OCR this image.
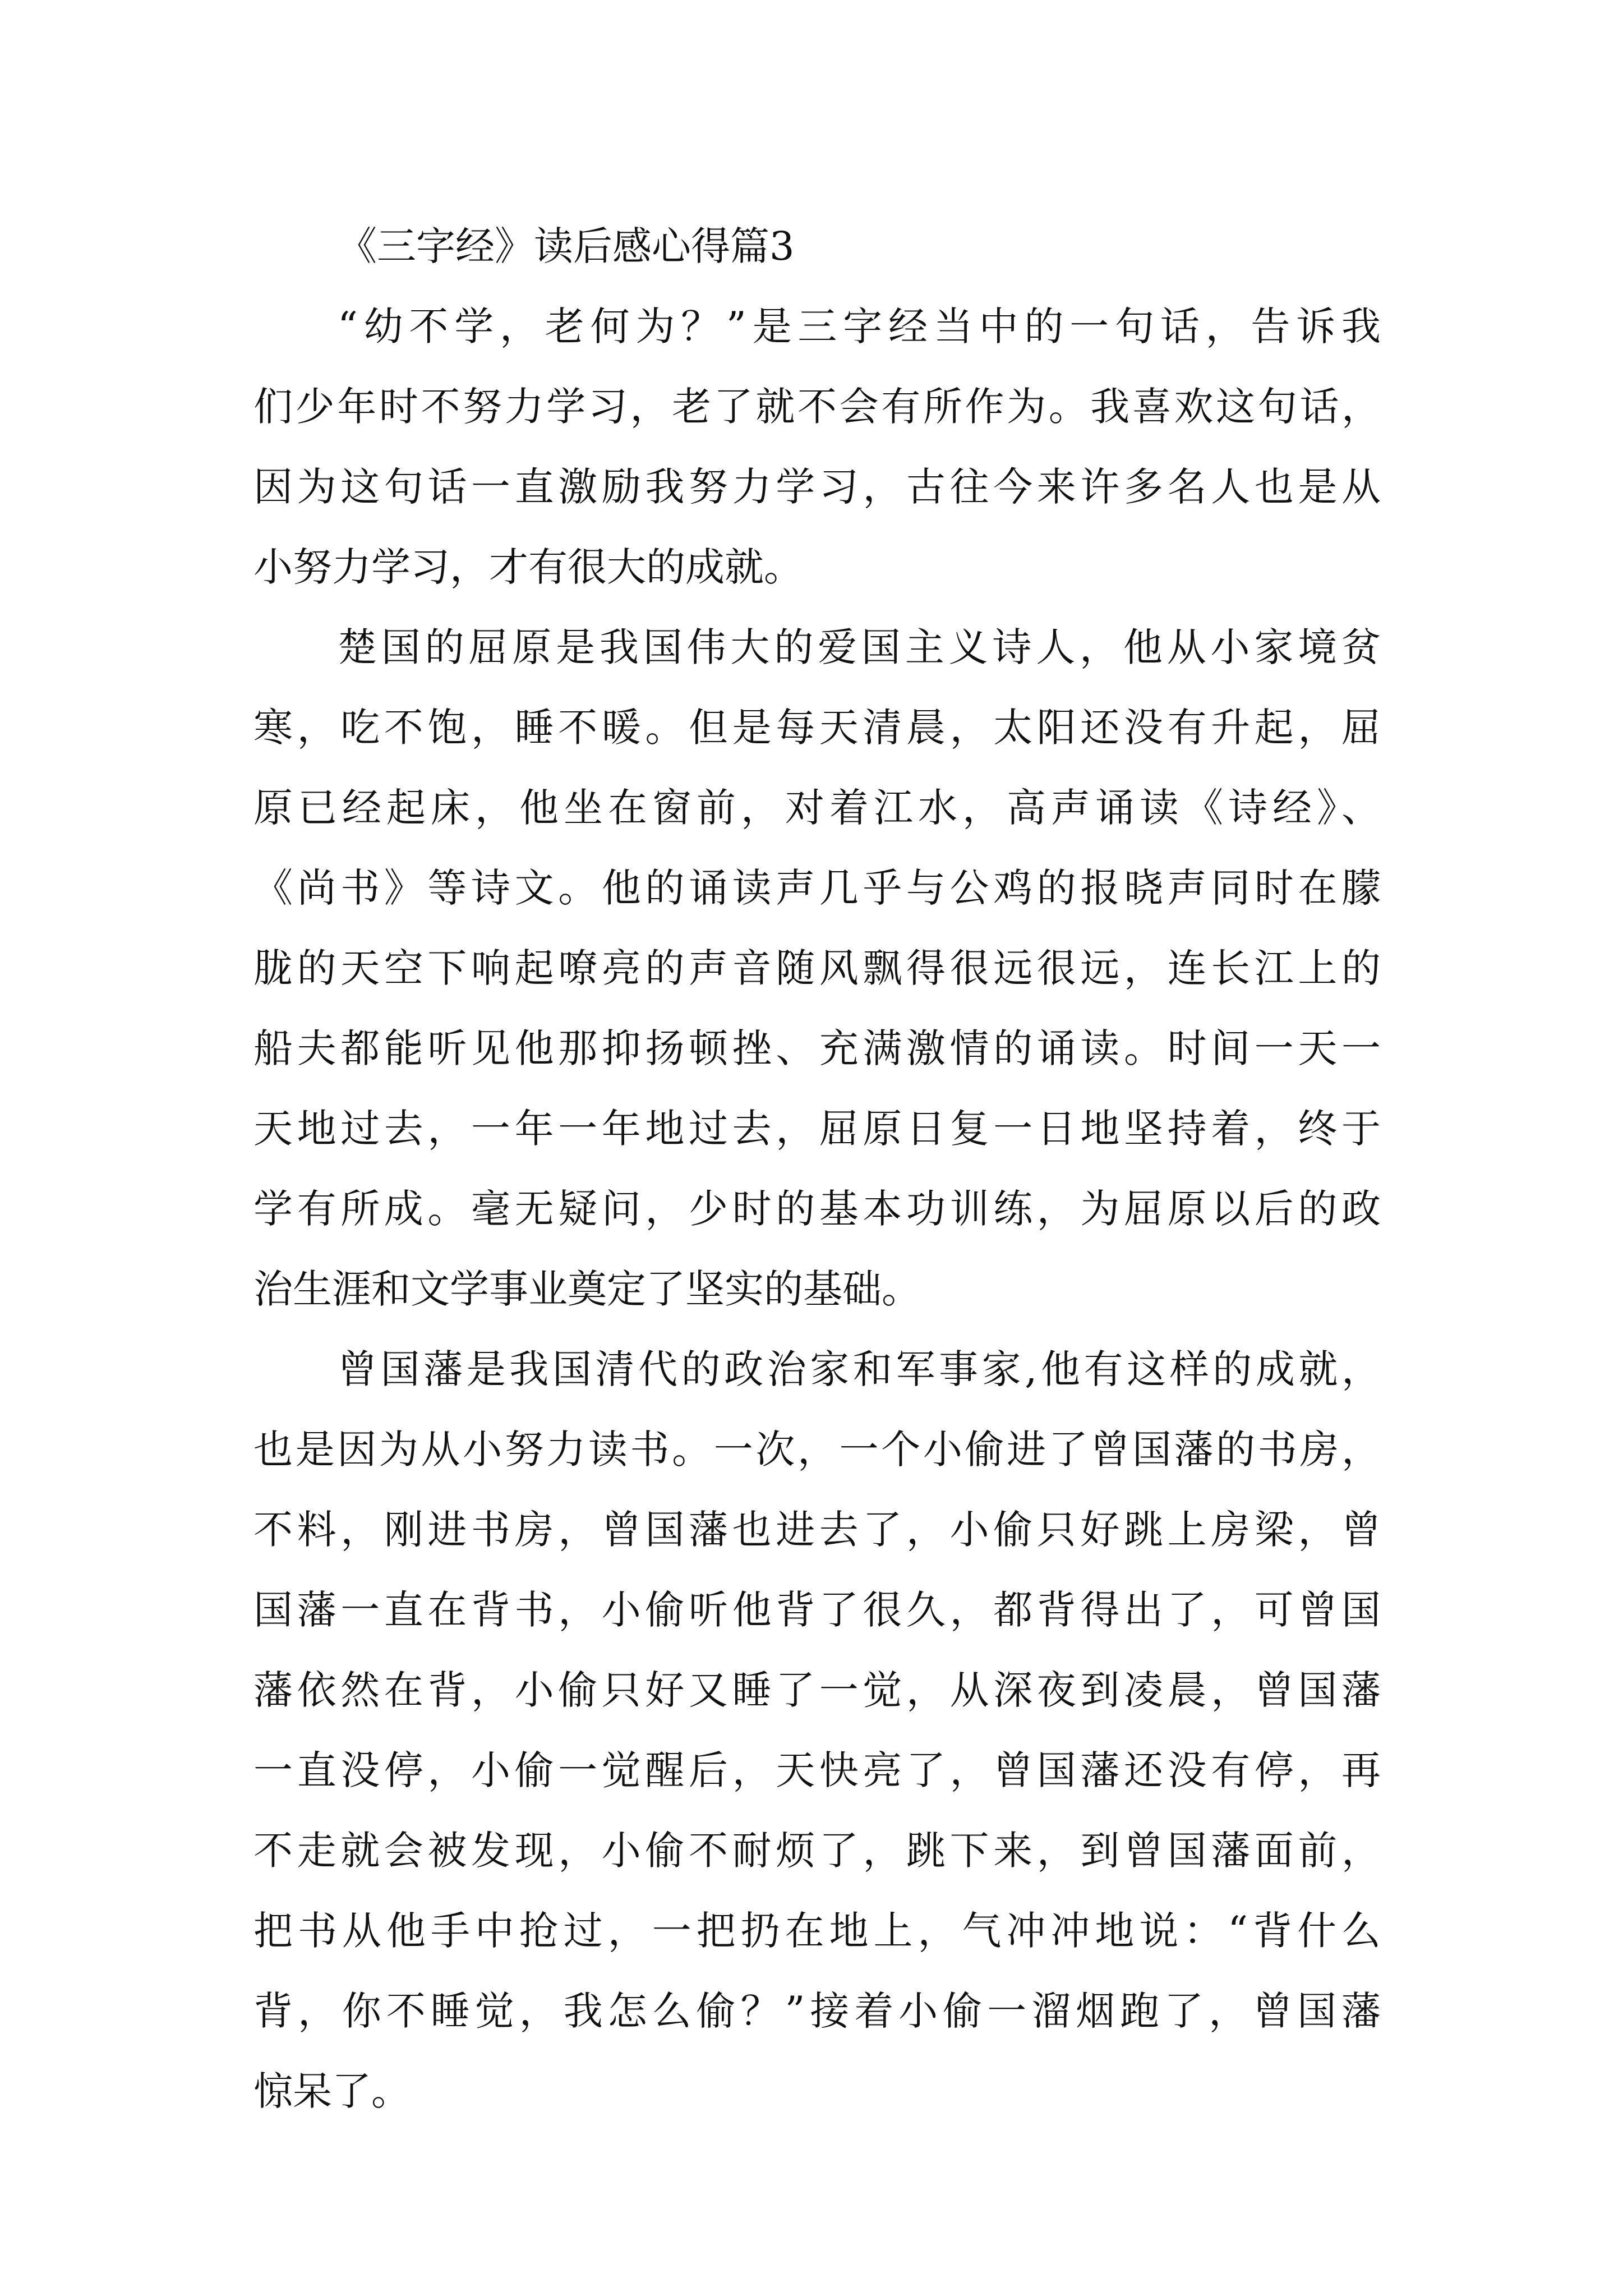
《三字经》读后感心得篇3
“幼不学，老何为？”是三字经当中的一句话，告诉我
们少年时不努力学习，老了就不会有所作为。我喜欢这句话，
因为这句话一直激励我努力学习，古往今来许多名人也是从
小努力学习，才有很大的成就。
楚国的屈原是我国伟大的爱国主义诗人，他从小家境贫
寒，吃不饱，睡不暖。但是每天清晨，太阳还没有升起，屈
原已经起床，他坐在窗前，对着江水，高声诵读《诗经》、
《尚书》等诗文。他的诵读声几乎与公鸡的报晓声同时在朦
胧的天空下响起嘹亮的声音随风飘得很远很远，连长江上的
船夫都能听见他那抑扬顿挫、充满激情的诵读。时间一天一
天地过去，一年一年地过去，屈原日复一日地坚持着，终于
学有所成。毫无疑问，少时的基本功训练，为屈原以后的政
治生涯和文学事业奠定了坚实的基础。
曾国藩是我国清代的政治家和军事家,他有这样的成就，
也是因为从小努力读书。一次，一个小偷进了曾国藩的书房，
不料，刚进书房，曾国藩也进去了，小偷只好跳上房梁，曾
国藩一直在背书，小偷听他背了很久，都背得出了，可曾国
藩依然在背，小偷只好又睡了一觉，从深夜到凌晨，曾国藩
一直没停，小偷一觉醒后，天快亮了，曾国藩还没有停，再
不走就会被发现，小偷不耐烦了，跳下来，到曾国藩面前，
把书从他手中抢过，一把扔在地上，气冲冲地说：“背什么
背，你不睡觉，我怎么偷？”接着小偷一溜烟跑了，曾国藩
惊呆了。
